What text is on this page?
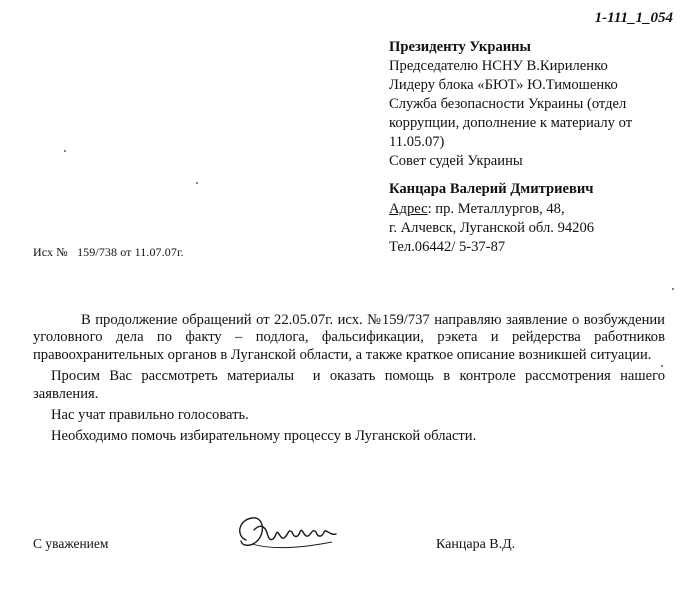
1-111_1_054
Президенту Украины
Председателю НСНУ В.Кириленко
Лидеру блока «БЮТ» Ю.Тимошенко
Служба безопасности Украины (отдел
коррупции, дополнение к материалу от
11.05.07)
Совет судей Украины
Канцара Валерий Дмитриевич
Адрес: пр. Металлургов, 48,
г. Алчевск, Луганской обл. 94206
Тел.06442/ 5-37-87
Исх №   159/738 от 11.07.07г.

В продолжение обращений от 22.05.07г. исх. №159/737 направляю заявление о возбуждении уголовного дела по факту – подлога, фальсификации, рэкета и рейдерства работников правоохранительных органов в Луганской области, а также краткое описание возникшей ситуации.

Просим Вас рассмотреть материалы  и оказать помощь в контроле рассмотрения нашего заявления.

Нас учат правильно голосовать.

Необходимо помочь избирательному процессу в Луганской области.

С уважением	Канцара В.Д.
